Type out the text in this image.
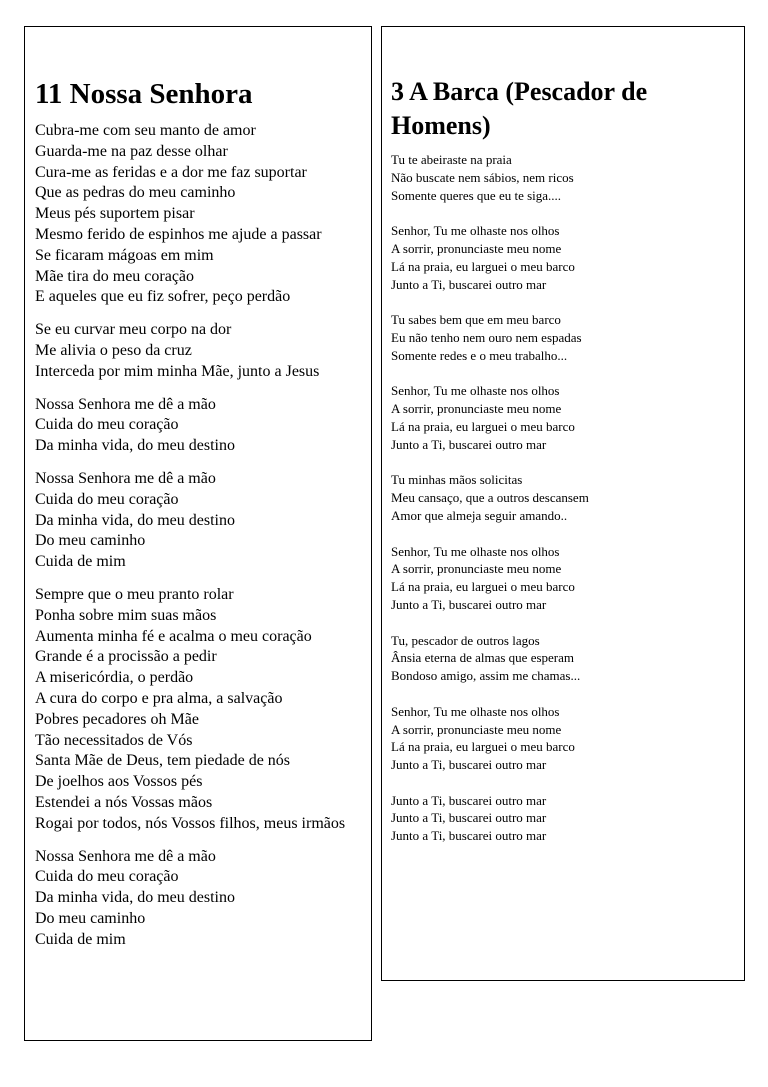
11 Nossa Senhora
Cubra-me com seu manto de amor
Guarda-me na paz desse olhar
Cura-me as feridas e a dor me faz suportar
Que as pedras do meu caminho
Meus pés suportem pisar
Mesmo ferido de espinhos me ajude a passar
Se ficaram mágoas em mim
Mãe tira do meu coração
E aqueles que eu fiz sofrer, peço perdão
Se eu curvar meu corpo na dor
Me alivia o peso da cruz
Interceda por mim minha Mãe, junto a Jesus
Nossa Senhora me dê a mão
Cuida do meu coração
Da minha vida, do meu destino
Nossa Senhora me dê a mão
Cuida do meu coração
Da minha vida, do meu destino
Do meu caminho
Cuida de mim
Sempre que o meu pranto rolar
Ponha sobre mim suas mãos
Aumenta minha fé e acalma o meu coração
Grande é a procissão a pedir
A misericórdia, o perdão
A cura do corpo e pra alma, a salvação
Pobres pecadores oh Mãe
Tão necessitados de Vós
Santa Mãe de Deus, tem piedade de nós
De joelhos aos Vossos pés
Estendei a nós Vossas mãos
Rogai por todos, nós Vossos filhos, meus irmãos
Nossa Senhora me dê a mão
Cuida do meu coração
Da minha vida, do meu destino
Do meu caminho
Cuida de mim
3 A Barca (Pescador de Homens)
Tu te abeiraste na praia
Não buscate nem sábios, nem ricos
Somente queres que eu te siga....
Senhor, Tu me olhaste nos olhos
A sorrir, pronunciaste meu nome
Lá na praia, eu larguei o meu barco
Junto a Ti, buscarei outro mar
Tu sabes bem que em meu barco
Eu não tenho nem ouro nem espadas
Somente redes e o meu trabalho...
Senhor, Tu me olhaste nos olhos
A sorrir, pronunciaste meu nome
Lá na praia, eu larguei o meu barco
Junto a Ti, buscarei outro mar
Tu minhas mãos solicitas
Meu cansaço, que a outros descansem
Amor que almeja seguir amando..
Senhor, Tu me olhaste nos olhos
A sorrir, pronunciaste meu nome
Lá na praia, eu larguei o meu barco
Junto a Ti, buscarei outro mar
Tu, pescador de outros lagos
Ânsia eterna de almas que esperam
Bondoso amigo, assim me chamas...
Senhor, Tu me olhaste nos olhos
A sorrir, pronunciaste meu nome
Lá na praia, eu larguei o meu barco
Junto a Ti, buscarei outro mar
Junto a Ti, buscarei outro mar
Junto a Ti, buscarei outro mar
Junto a Ti, buscarei outro mar
